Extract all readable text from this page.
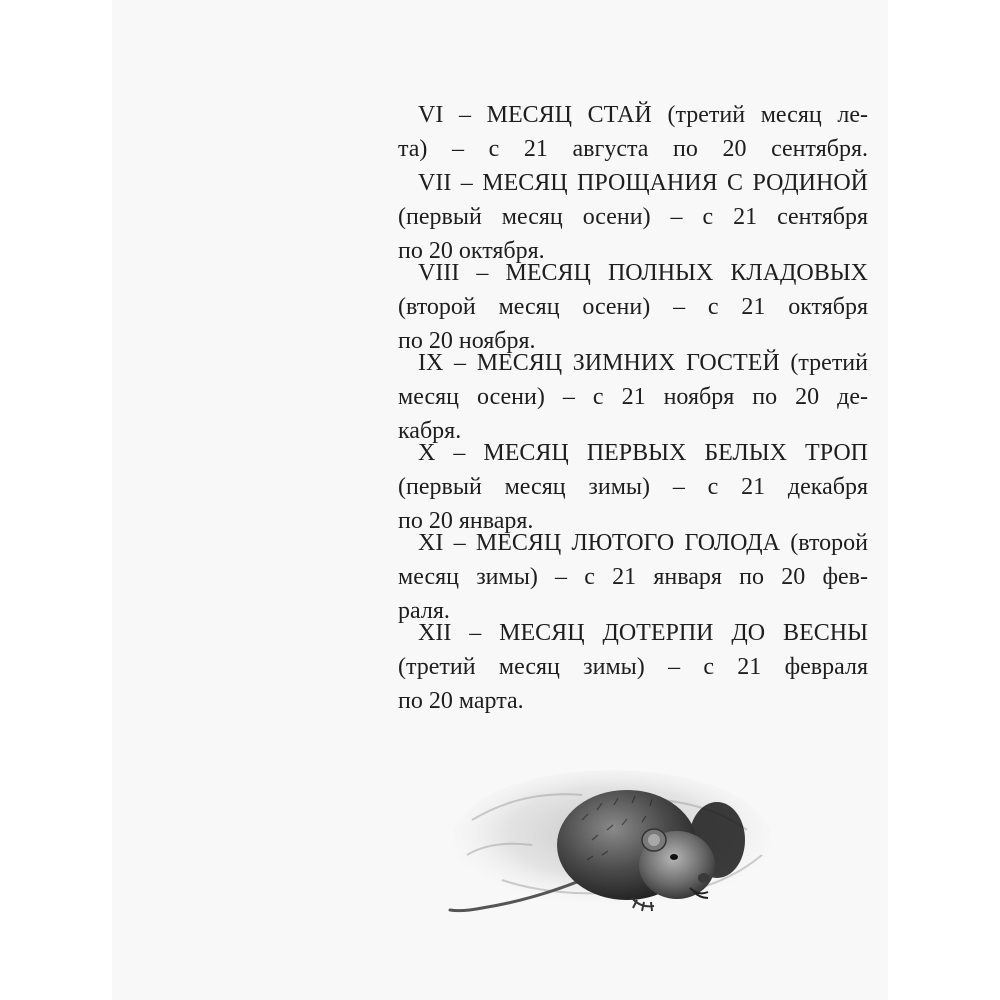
VI – МЕСЯЦ СТАЙ (третий месяц ле-
та) – с 21 августа по 20 сентября.
VII – МЕСЯЦ ПРОЩАНИЯ С РОДИНОЙ
(первый месяц осени) – с 21 сентября
по 20 октября.
VIII – МЕСЯЦ ПОЛНЫХ КЛАДОВЫХ
(второй месяц осени) – с 21 октября
по 20 ноября.
IX – МЕСЯЦ ЗИМНИХ ГОСТЕЙ (третий
месяц осени) – с 21 ноября по 20 де-
кабря.
X – МЕСЯЦ ПЕРВЫХ БЕЛЫХ ТРОП
(первый месяц зимы) – с 21 декабря
по 20 января.
XI – МЕСЯЦ ЛЮТОГО ГОЛОДА (второй
месяц зимы) – с 21 января по 20 фев-
раля.
XII – МЕСЯЦ ДОТЕРПИ ДО ВЕСНЫ
(третий месяц зимы) – с 21 февраля
по 20 марта.
